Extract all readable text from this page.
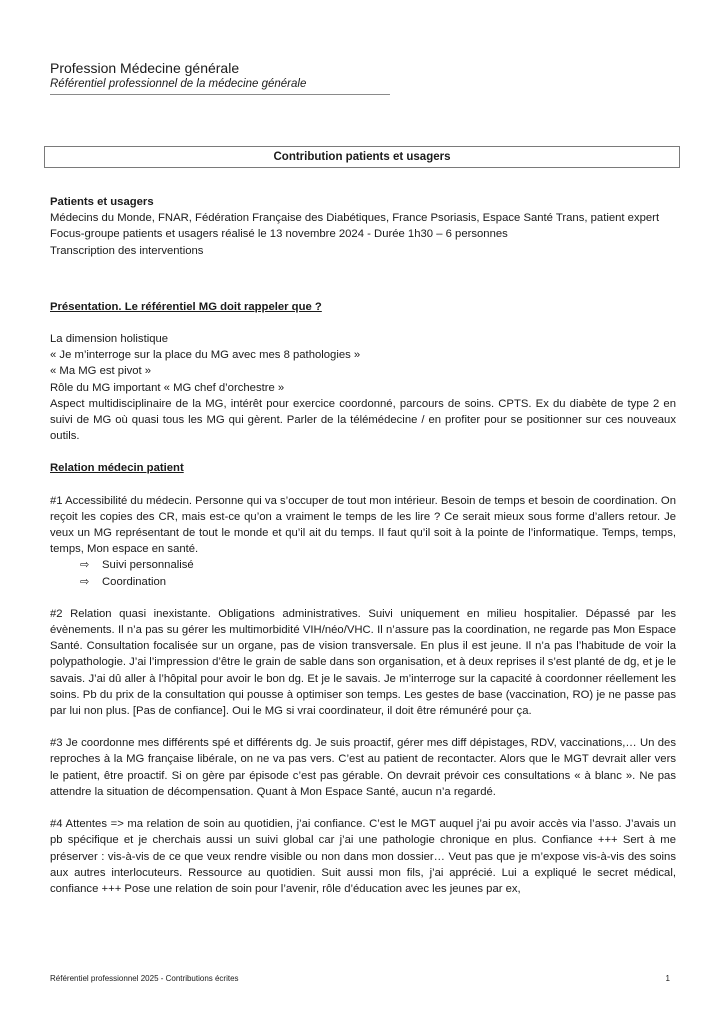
Profession Médecine générale
Référentiel professionnel de la médecine générale
Contribution patients et usagers

Patients et usagers

Médecins du Monde, FNAR, Fédération Française des Diabétiques, France Psoriasis, Espace Santé Trans, patient expert

Focus-groupe patients et usagers réalisé le 13 novembre 2024 - Durée 1h30 – 6 personnes

Transcription des interventions

Présentation. Le référentiel MG doit rappeler que ?

La dimension holistique

« Je m’interroge sur la place du MG avec mes 8 pathologies »

« Ma MG est pivot »

Rôle du MG important « MG chef d’orchestre »

Aspect multidisciplinaire de la MG, intérêt pour exercice coordonné, parcours de soins. CPTS. Ex du diabète de type 2 en suivi de MG où quasi tous les MG qui gèrent. Parler de la télémédecine / en profiter pour se positionner sur ces nouveaux outils.

Relation médecin patient

#1 Accessibilité du médecin. Personne qui va s’occuper de tout mon intérieur. Besoin de temps et besoin de coordination. On reçoit les copies des CR, mais est-ce qu’on a vraiment le temps de les lire ? Ce serait mieux sous forme d’allers retour. Je veux un MG représentant de tout le monde et qu’il ait du temps. Il faut qu’il soit à la pointe de l’informatique. Temps, temps, temps, Mon espace en santé.

⇨	Suivi personnalisé
⇨	Coordination

#2 Relation quasi inexistante. Obligations administratives. Suivi uniquement en milieu hospitalier. Dépassé par les évènements. Il n’a pas su gérer les multimorbidité VIH/néo/VHC. Il n’assure pas la coordination, ne regarde pas Mon Espace Santé. Consultation focalisée sur un organe, pas de vision transversale. En plus il est jeune. Il n’a pas l’habitude de voir la polypathologie. J’ai l’impression d’être le grain de sable dans son organisation, et à deux reprises il s’est planté de dg, et je le savais. J’ai dû aller à l’hôpital pour avoir le bon dg. Et je le savais. Je m’interroge sur la capacité à coordonner réellement les soins. Pb du prix de la consultation qui pousse à optimiser son temps. Les gestes de base (vaccination, RO) je ne passe pas par lui non plus. [Pas de confiance]. Oui le MG si vrai coordinateur, il doit être rémunéré pour ça.

#3 Je coordonne mes différents spé et différents dg. Je suis proactif, gérer mes diff dépistages, RDV, vaccinations,… Un des reproches à la MG française libérale, on ne va pas vers. C’est au patient de recontacter. Alors que le MGT devrait aller vers le patient, être proactif. Si on gère par épisode c’est pas gérable. On devrait prévoir ces consultations « à blanc ». Ne pas attendre la situation de décompensation. Quant à Mon Espace Santé, aucun n’a regardé.

#4 Attentes => ma relation de soin au quotidien, j’ai confiance. C’est le MGT auquel j’ai pu avoir accès via l’asso. J’avais un pb spécifique et je cherchais aussi un suivi global car j’ai une pathologie chronique en plus. Confiance +++ Sert à me préserver : vis-à-vis de ce que veux rendre visible ou non dans mon dossier… Veut pas que je m’expose vis-à-vis des soins aux autres interlocuteurs. Ressource au quotidien. Suit aussi mon fils, j’ai apprécié. Lui a expliqué le secret médical, confiance +++ Pose une relation de soin pour l’avenir, rôle d’éducation avec les jeunes par ex,

Référentiel professionnel 2025 - Contributions écrites	1
